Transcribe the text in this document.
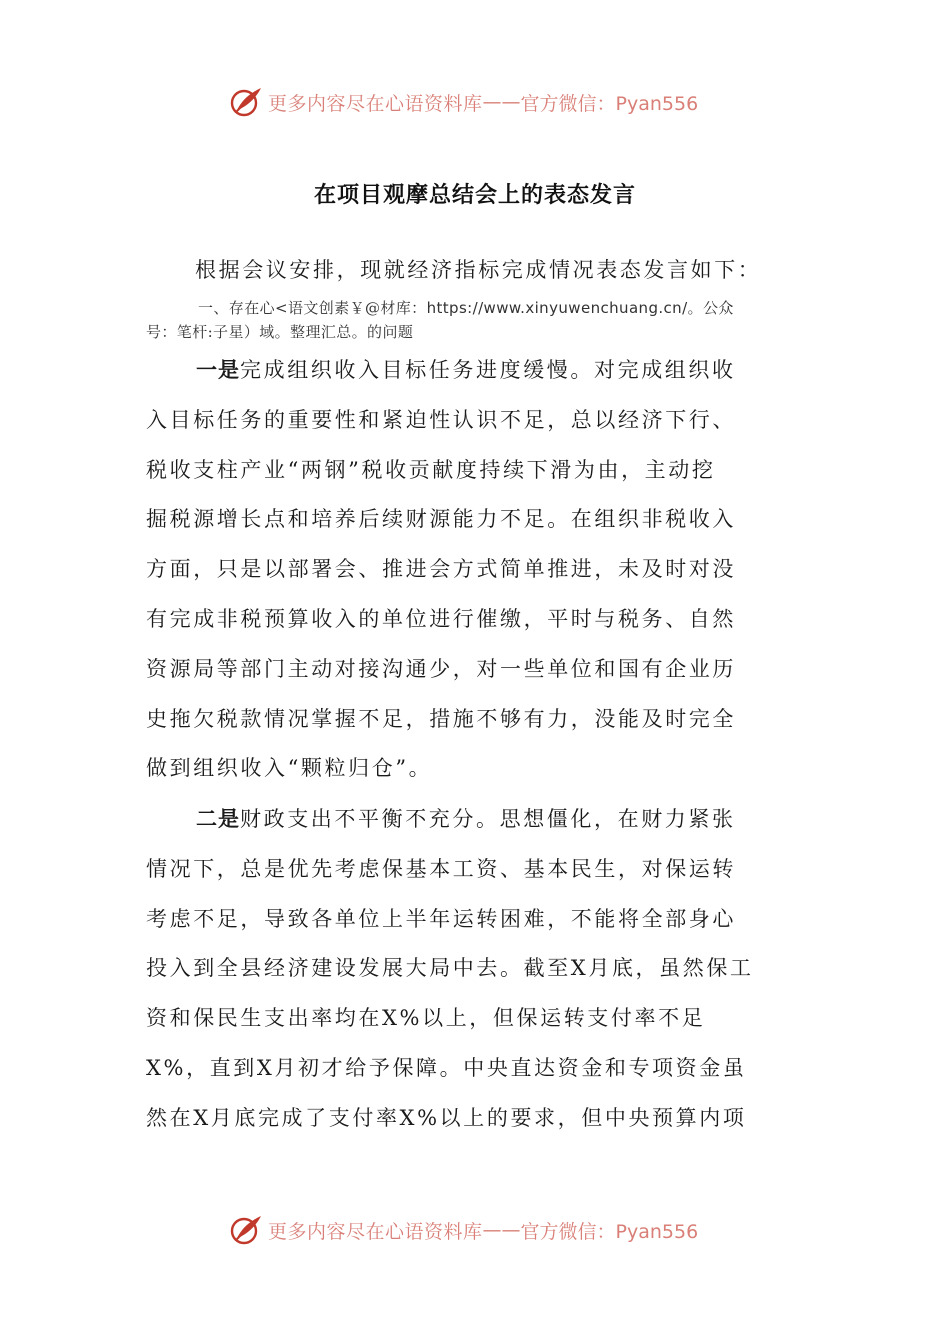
更多内容尽在心语资料库 —— 官方微信：Pyan556
在项目观摩总结会上的表态发言
根据会议安排，现就经济指标完成情况表态发言如下：
一、存在心<语文创素￥@材库：https://www.xinyuwenchuang.cn/。公众
号：笔杆:子星）域。整理汇总。的问题
一是完成组织收入目标任务进度缓慢。对完成组织收
入目标任务的重要性和紧迫性认识不足，总以经济下行、
税收支柱产业“两钢”税收贡献度持续下滑为由，主动挖
掘税源增长点和培养后续财源能力不足。在组织非税收入
方面，只是以部署会、推进会方式简单推进，未及时对没
有完成非税预算收入的单位进行催缴，平时与税务、自然
资源局等部门主动对接沟通少，对一些单位和国有企业历
史拖欠税款情况掌握不足，措施不够有力，没能及时完全
做到组织收入“颗粒归仓”。
二是财政支出不平衡不充分。思想僵化，在财力紧张
情况下，总是优先考虑保基本工资、基本民生，对保运转
考虑不足，导致各单位上半年运转困难，不能将全部身心
投入到全县经济建设发展大局中去。截至X月底，虽然保工
资和保民生支出率均在X%以上，但保运转支付率不足
X%，直到X月初才给予保障。中央直达资金和专项资金虽
然在X月底完成了支付率X%以上的要求，但中央预算内项
更多内容尽在心语资料库 —— 官方微信：Pyan556
